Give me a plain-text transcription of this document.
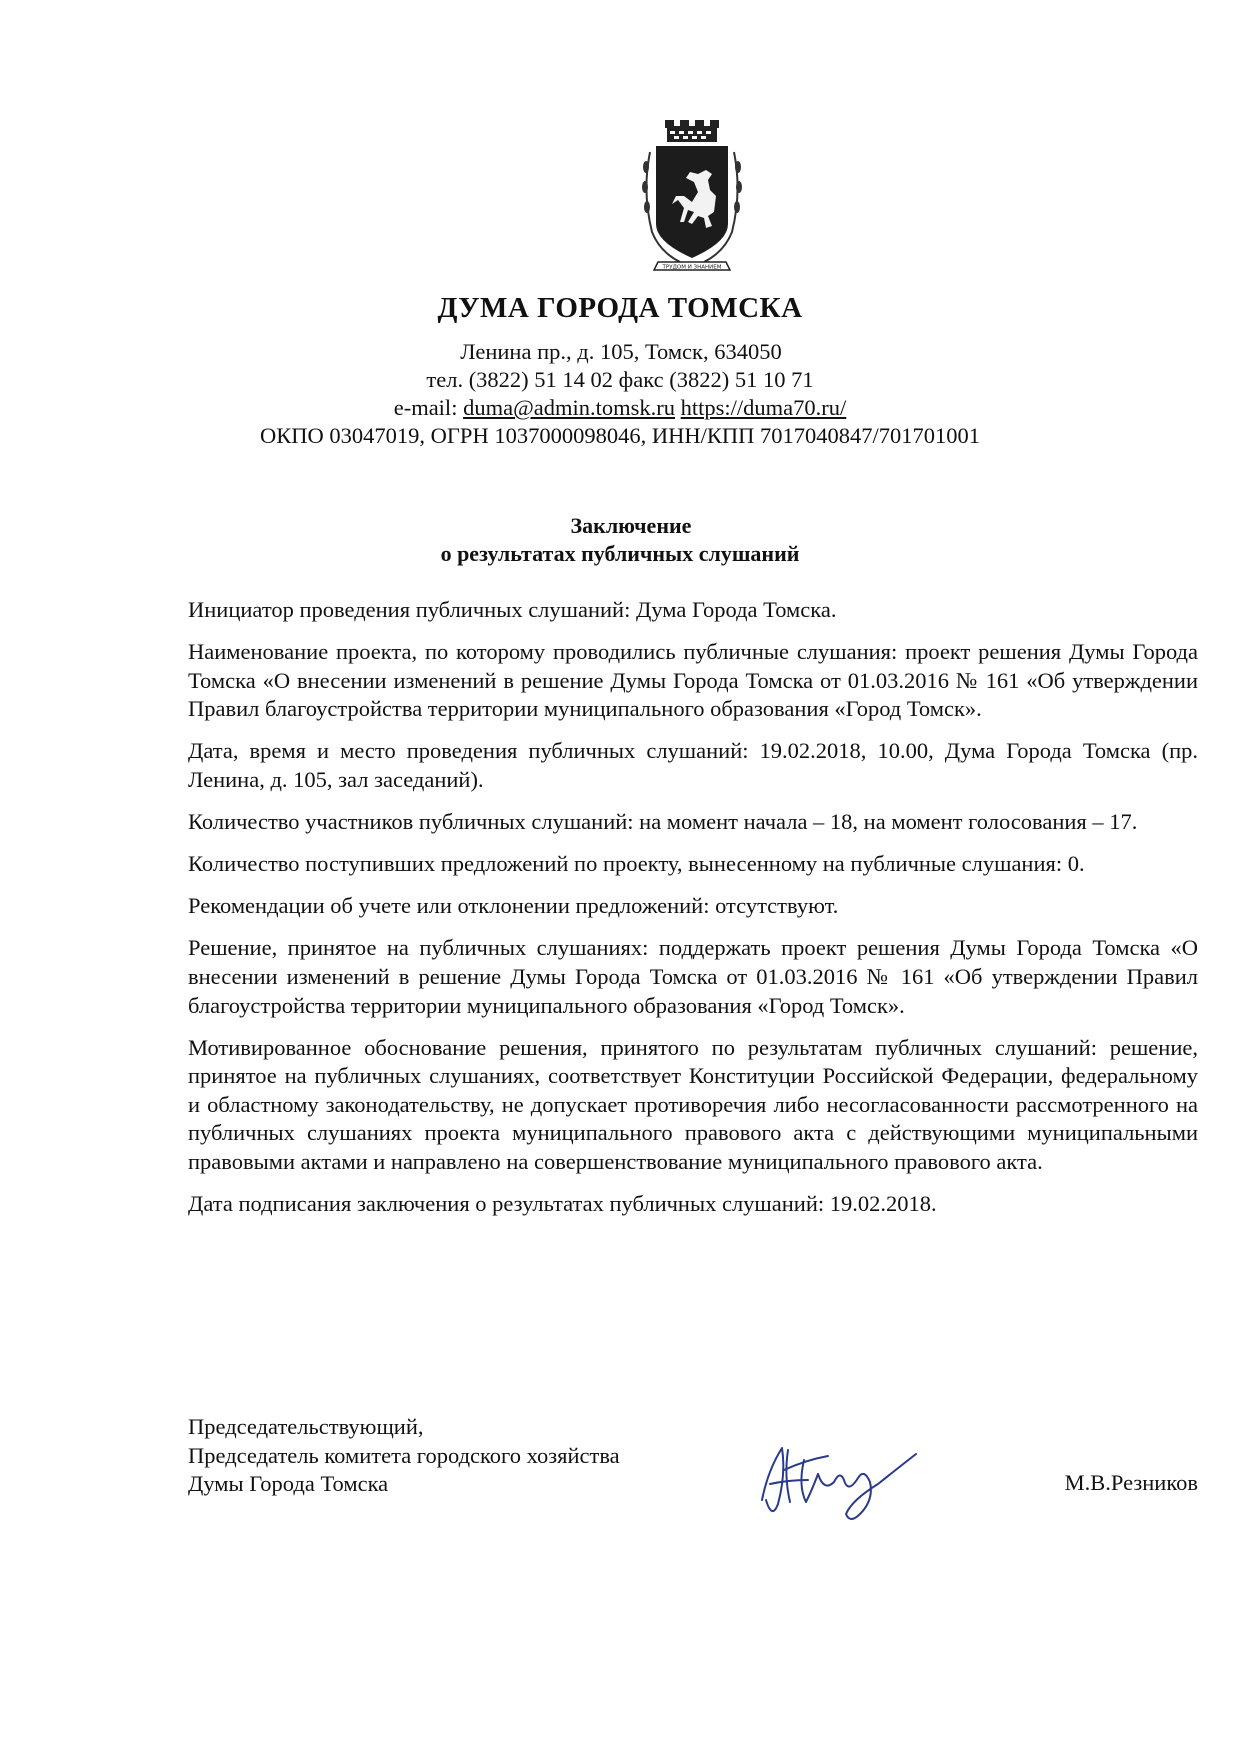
ТРУДОМ И ЗНАНИЕМ
ДУМА ГОРОДА ТОМСКА
Ленина пр., д. 105, Томск, 634050
тел. (3822) 51 14 02 факс (3822) 51 10 71
e-mail: duma@admin.tomsk.ru https://duma70.ru/
ОКПО 03047019, ОГРН 1037000098046, ИНН/КПП 7017040847/701701001
Заключение
о результатах публичных слушаний

Инициатор проведения публичных слушаний: Дума Города Томска.

Наименование проекта, по которому проводились публичные слушания: проект решения Думы Города Томска «О внесении изменений в решение Думы Города Томска от 01.03.2016 № 161 «Об утверждении Правил благоустройства территории муниципального образования «Город Томск».

Дата, время и место проведения публичных слушаний: 19.02.2018, 10.00, Дума Города Томска (пр. Ленина, д. 105, зал заседаний).

Количество участников публичных слушаний: на момент начала – 18, на момент голосования – 17.

Количество поступивших предложений по проекту, вынесенному на публичные слушания: 0.

Рекомендации об учете или отклонении предложений: отсутствуют.

Решение, принятое на публичных слушаниях: поддержать проект решения Думы Города Томска «О внесении изменений в решение Думы Города Томска от 01.03.2016 № 161 «Об утверждении Правил благоустройства территории муниципального образования «Город Томск».

Мотивированное обоснование решения, принятого по результатам публичных слушаний: решение, принятое на публичных слушаниях, соответствует Конституции Российской Федерации, федеральному и областному законодательству, не допускает противоречия либо несогласованности рассмотренного на публичных слушаниях проекта муниципального правового акта с действующими муниципальными правовыми актами и направлено на совершенствование муниципального правового акта.

Дата подписания заключения о результатах публичных слушаний: 19.02.2018.

Председательствующий,
Председатель комитета городского хозяйства
Думы Города Томска	М.В.Резников
